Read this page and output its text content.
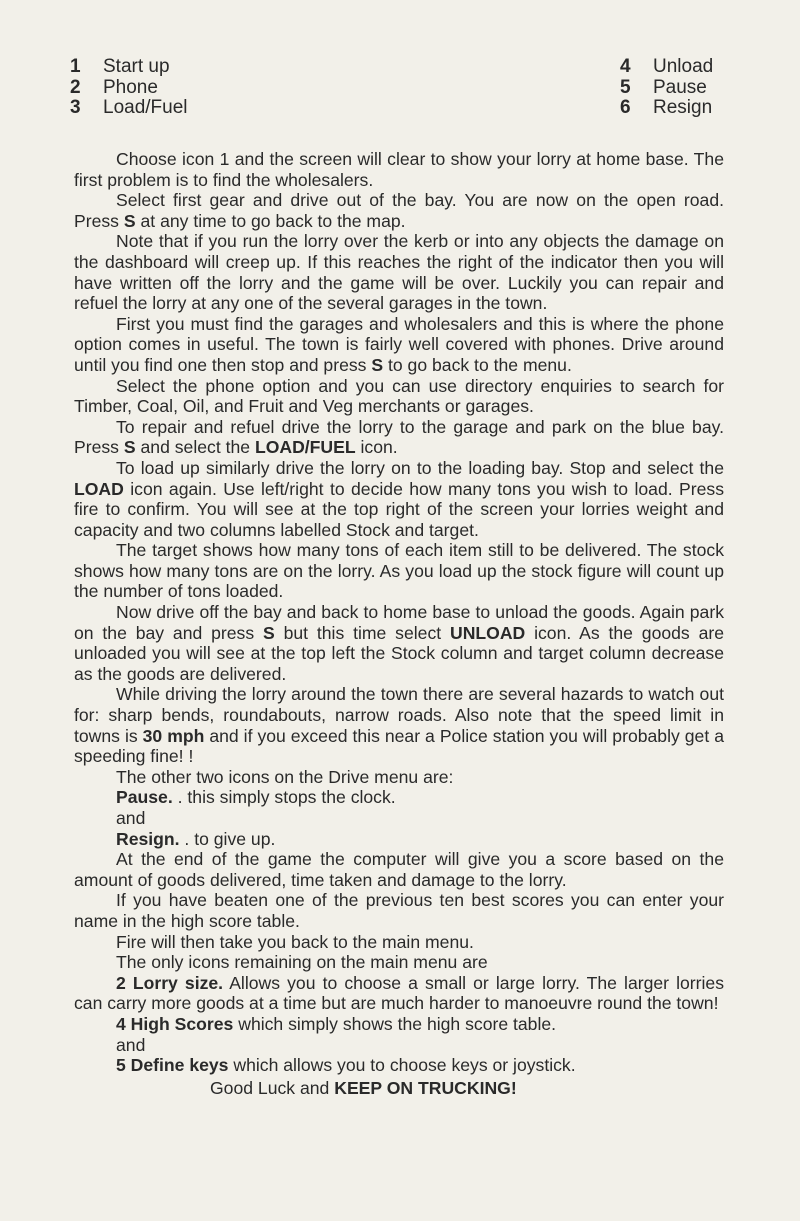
1 Start up
2 Phone
3 Load/Fuel
4 Unload
5 Pause
6 Resign

Choose icon 1 and the screen will clear to show your lorry at home base. The first problem is to find the wholesalers.

Select first gear and drive out of the bay. You are now on the open road. Press S at any time to go back to the map.

Note that if you run the lorry over the kerb or into any objects the damage on the dashboard will creep up. If this reaches the right of the indicator then you will have written off the lorry and the game will be over. Luckily you can repair and refuel the lorry at any one of the several garages in the town.

First you must find the garages and wholesalers and this is where the phone option comes in useful. The town is fairly well covered with phones. Drive around until you find one then stop and press S to go back to the menu.

Select the phone option and you can use directory enquiries to search for Timber, Coal, Oil, and Fruit and Veg merchants or garages.

To repair and refuel drive the lorry to the garage and park on the blue bay. Press S and select the LOAD/FUEL icon.

To load up similarly drive the lorry on to the loading bay. Stop and select the LOAD icon again. Use left/right to decide how many tons you wish to load. Press fire to confirm. You will see at the top right of the screen your lorries weight and capacity and two columns labelled Stock and target.

The target shows how many tons of each item still to be delivered. The stock shows how many tons are on the lorry. As you load up the stock figure will count up the number of tons loaded.

Now drive off the bay and back to home base to unload the goods. Again park on the bay and press S but this time select UNLOAD icon. As the goods are unloaded you will see at the top left the Stock column and target column decrease as the goods are delivered.

While driving the lorry around the town there are several hazards to watch out for: sharp bends, roundabouts, narrow roads. Also note that the speed limit in towns is 30 mph and if you exceed this near a Police station you will probably get a speeding fine! !

The other two icons on the Drive menu are:

Pause. . this simply stops the clock.

and

Resign. . to give up.

At the end of the game the computer will give you a score based on the amount of goods delivered, time taken and damage to the lorry.

If you have beaten one of the previous ten best scores you can enter your name in the high score table.

Fire will then take you back to the main menu.

The only icons remaining on the main menu are

2 Lorry size. Allows you to choose a small or large lorry. The larger lorries can carry more goods at a time but are much harder to manoeuvre round the town!

4 High Scores which simply shows the high score table.

and

5 Define keys which allows you to choose keys or joystick.

Good Luck and KEEP ON TRUCKING!
